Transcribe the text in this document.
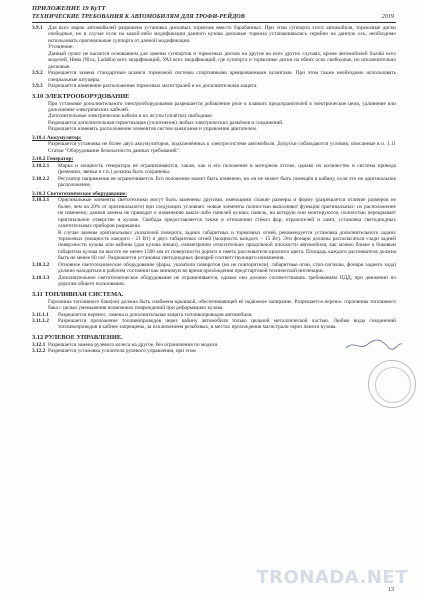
ПРИЛОЖЕНИЕ 19 КуТТ
ТЕХНИЧЕСКИЕ ТРЕБОВАНИЯ К АВТОМОБИЛЯМ ДЛЯ ТРОФИ-РЕЙДОВ	2019
3.9.1	Для всех марок автомобилей разрешена установка дисковых тормозов вместо барабанных. При этом суппорта этого автомобиля, тормозные диски свободные, но в случае если на какой-либо модификации данного кузова дисковые тормоза устанавливались серийно на данную ось, необходимо использовать оригинальные суппорта от данной модификации.
Уточнение:
Данный пункт не касается основанием для замены суппортов и тормозных дисков на другие во всех других случаях, кроме автомобилей Suzuki всех моделей, Нива (Niva, LadaКа) всех модификаций, УАЗ всех модификаций, где суппорта и тормозные диски на обеих осях свободные, но исключительно дисковые.
3.9.2	Разрешается замена стандартные шланги тормозной системы спортивными армированными шлангами. При этом также необходимо использовать специальные штуцеры.
3.9.3	Разрешается изменение расположения тормозных магистралей и их дополнительная защита.
3.10 ЭЛЕКТРООБОРУДОВАНИЕ
При установке дополнительного электрооборудования разрешается добавление реле и плавких предохранителей в электрические цепи, удлинение или дополнение электрических кабелей.
Дополнительные электрические кабели и их жгуты (оплётка) свободные.
Разрешается дополнительная герметизация (уплотнение) любых электрических разъёмов и соединений.
Разрешается изменять расположение элементов систем зажигания и управления двигателем.
3.10.1 Аккумулятор:
Разрешается установка не более двух аккумуляторов, подключённых к электросистеме автомобиля. Допуски соблюдаются условия, описанные в п. 1.11 Статьи "Оборудование безопасности данных требований".
3.10.2 Генератор:
3.10.2.1	Марка и мощность генератора не ограничиваются, также, как и его положение в моторном отсеке, однако их количество и система привода (ремешки, звенья и т.п.) должны быть сохранены.
3.10.2.2	Регулятор напряжения не ограничивается. Его положение может быть изменено, но он не может быть помещён в кабину, если это не оригинальное расположение.
3.10.3 Светотехническое оборудование:
3.10.3.1	Оригинальные элементы светотехники могут быть заменены другими, имеющими схожие размеры и форму (разрешается отличие размеров не более, чем на 20% от оригинального) при следующих условиях: новые элементы полностью выполняют функции оригинальных; их расположение не изменено; данная замена не приводит к изменению каких-либо панелей кузова; панель, на которую они монтируются, полностью перекрывает оригинальное отверстие в кузове. Свобода предоставляется также в отношении стёкол фар, отражателей и ламп, установка светодиодных осветительных приборов разрешена.
В случае замены оригинальных указателей поворота, задних габаритных и тормозных огней, рекомендуется установка дополнительного задних тормозных (мощность каждого - 21 Вт) и двух габаритных огней (мощность каждого – 15 Вт). Эти фонари должны располагаться сзади задней поверхности кузова или кабины (для кузова пикап), симметрично относительно продольной плоскости автомобиля, как можно ближе к боковым габаритам кузова на высоте не менее 1500 мм от поверхности дороги и иметь рассеиватели красного цвета. Площадь каждого рассеивателя должна быть не менее 60 см². Разрешается установка светодиодных фонарей соответствующего назначения.
3.10.3.2	Основное светотехническое оборудование (фары, указатели поворотов (но не повторители), габаритные огни, стоп-сигналы, фонари заднего хода) должно находиться в рабочем состоянии как минимум во время прохождения предстартовой технической инспекции.
3.10.3.3	Дополнительное светотехническое оборудование не ограничивается, однако оно должно соответствовать требованиям ПДД, при движении по дорогам общего пользования.
3.11 ТОПЛИВНАЯ СИСТЕМА.
Горловина топливного бака(ов) должна быть снабжена крышкой, обеспечивающей её надёжное запирание. Разрешается перенос горловины топливного бака с целью уменьшения возможных повреждений при деформациях кузова.
3.11.1.1	Разрешается перенос, замена и дополнительная защита топливопроводов автомобиля.
3.11.1.2	Разрешается проложение топливопроводов через кабину автомобиля только цельной металлической частью. Любые виды соединений топливопроводов в кабине запрещены, за исключением резьбовых, в местах прохождения магистрали через панели кузова.
3.12 РУЛЕВОЕ УПРАВЛЕНИЕ.
3.12.1 Разрешается замена рулевого колеса на другое, без ограничения по модели.
3.12.2 Разрешается установка усилителя рулевого управления, при этом
TRONADA.NET
13
